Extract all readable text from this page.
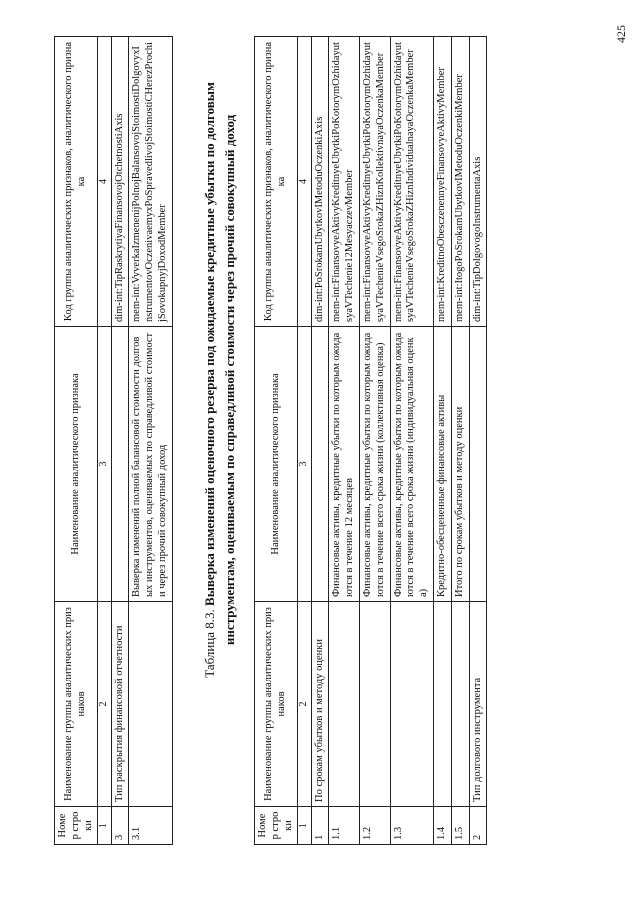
Номер строки	Наименование группы аналитических признаков	Наименование аналитического признака	Код группы аналитических признаков, аналитического признака
1	2	3	4
3	Тип раскрытия финансовой отчетности		dim-int:TipRaskrytiyaFinansovojOtchetnostiAxis
3.1		Выверка изменений полной балансовой стоимости долговых инструментов, оцениваемых по справедливой стоимости через прочий совокупный доход	mem-int:VyverkaIzmenenijPolnojBalansovojStoimostiDolgovyxInstrumentovOczenivaemyxPoSpravedlivojStoimostiCHerezProchijSovokupnyjDoxodMember
Таблица 8.3. Выверка изменений оценочного резерва под ожидаемые кредитные убытки по долговым инструментам, оцениваемым по справедливой стоимости через прочий совокупный доход
Номер строки	Наименование группы аналитических признаков	Наименование аналитического признака	Код группы аналитических признаков, аналитического признака
1	2	3	4
1	По срокам убытков и методу оценки		dim-int:PoSrokamUbytkovIMetoduOczenkiAxis
1.1		Финансовые активы, кредитные убытки по которым ожидаются в течение 12 месяцев	mem-int:FinansovyeAktivyKreditnyeUbytkiPoKotorymOzhidayutsyaVTechenie12MesyaczevMember
1.2		Финансовые активы, кредитные убытки по которым ожидаются в течение всего срока жизни (коллективная оценка)	mem-int:FinansovyeAktivyKreditnyeUbytkiPoKotorymOzhidayutsyaVTechenieVsegoSrokaZHiznKollektivnayaOczenkaMember
1.3		Финансовые активы, кредитные убытки по которым ожидаются в течение всего срока жизни (индивидуальная оценка)	mem-int:FinansovyeAktivyKreditnyeUbytkiPoKotorymOzhidayutsyaVTechenieVsegoSrokaZHiznIndividualnayaOczenkaMember
1.4		Кредитно-обесцененные финансовые активы	mem-int:KreditnoObesczenennyeFinansovyeAktivyMember
1.5		Итого по срокам убытков и методу оценки	mem-int:ItogoPoSrokamUbytkovIMetoduOczenkiMember
2	Тип долгового инструмента		dim-int:TipDolgovogoInstrumentaAxis
425
